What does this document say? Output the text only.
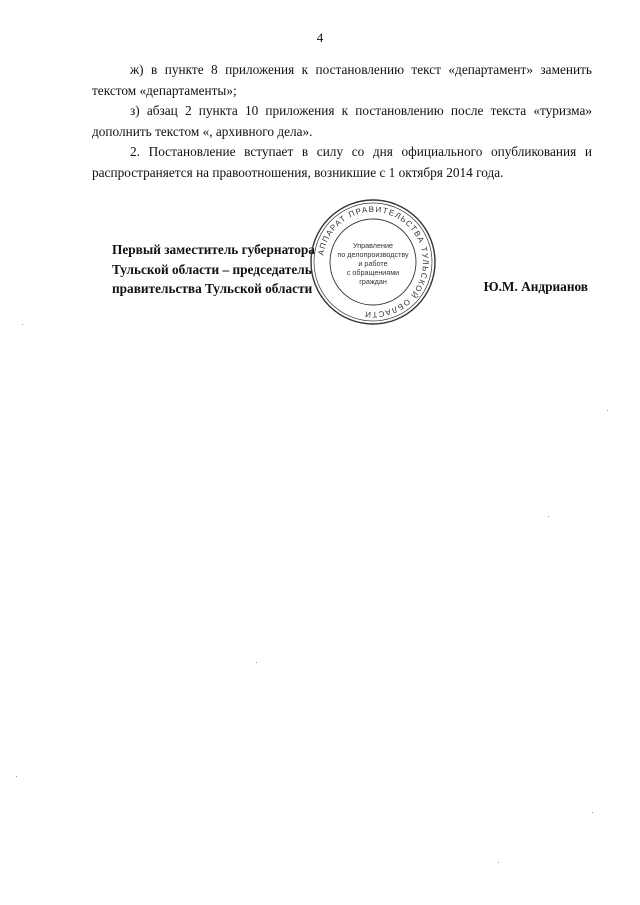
4

ж) в пункте 8 приложения к постановлению текст «департамент» заменить текстом «департаменты»;

з) абзац 2 пункта 10 приложения к постановлению после текста «туризма» дополнить текстом «, архивного дела».

2. Постановление вступает в силу со дня официального опубликования и распространяется на правоотношения, возникшие с 1 октября 2014 года.

Первый заместитель губернатора
Тульской области – председатель
правительства Тульской области	Ю.М. Андрианов
АППАРАТ ПРАВИТЕЛЬСТВА ТУЛЬСКОЙ ОБЛАСТИ
Управление
по делопроизводству
и работе
с обращениями
граждан
